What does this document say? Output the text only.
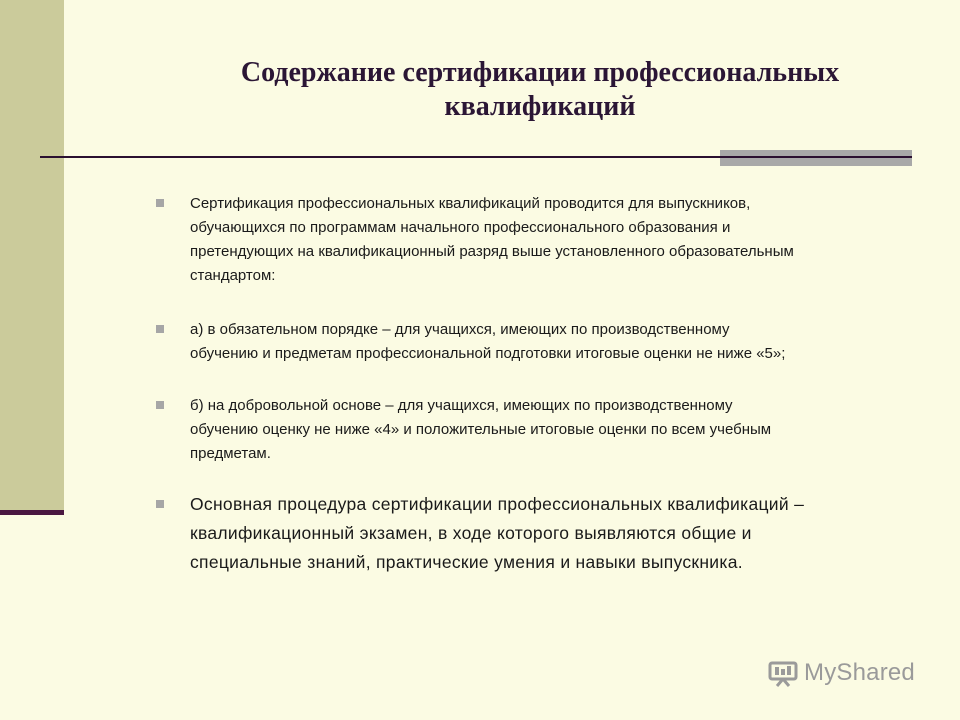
Содержание сертификации профессиональных
квалификаций
Сертификация профессиональных квалификаций проводится для выпускников,
обучающихся по программам начального профессионального образования и
претендующих на квалификационный разряд выше установленного образовательным
стандартом:
а) в обязательном порядке – для учащихся, имеющих по производственному
обучению и предметам профессиональной подготовки итоговые оценки не ниже «5»;
б) на добровольной основе – для учащихся, имеющих по производственному
обучению оценку не ниже «4» и положительные итоговые оценки по всем учебным
предметам.
Основная процедура сертификации профессиональных квалификаций –
квалификационный экзамен, в ходе которого выявляются общие и
специальные знаний, практические умения и навыки выпускника.
MyShared
